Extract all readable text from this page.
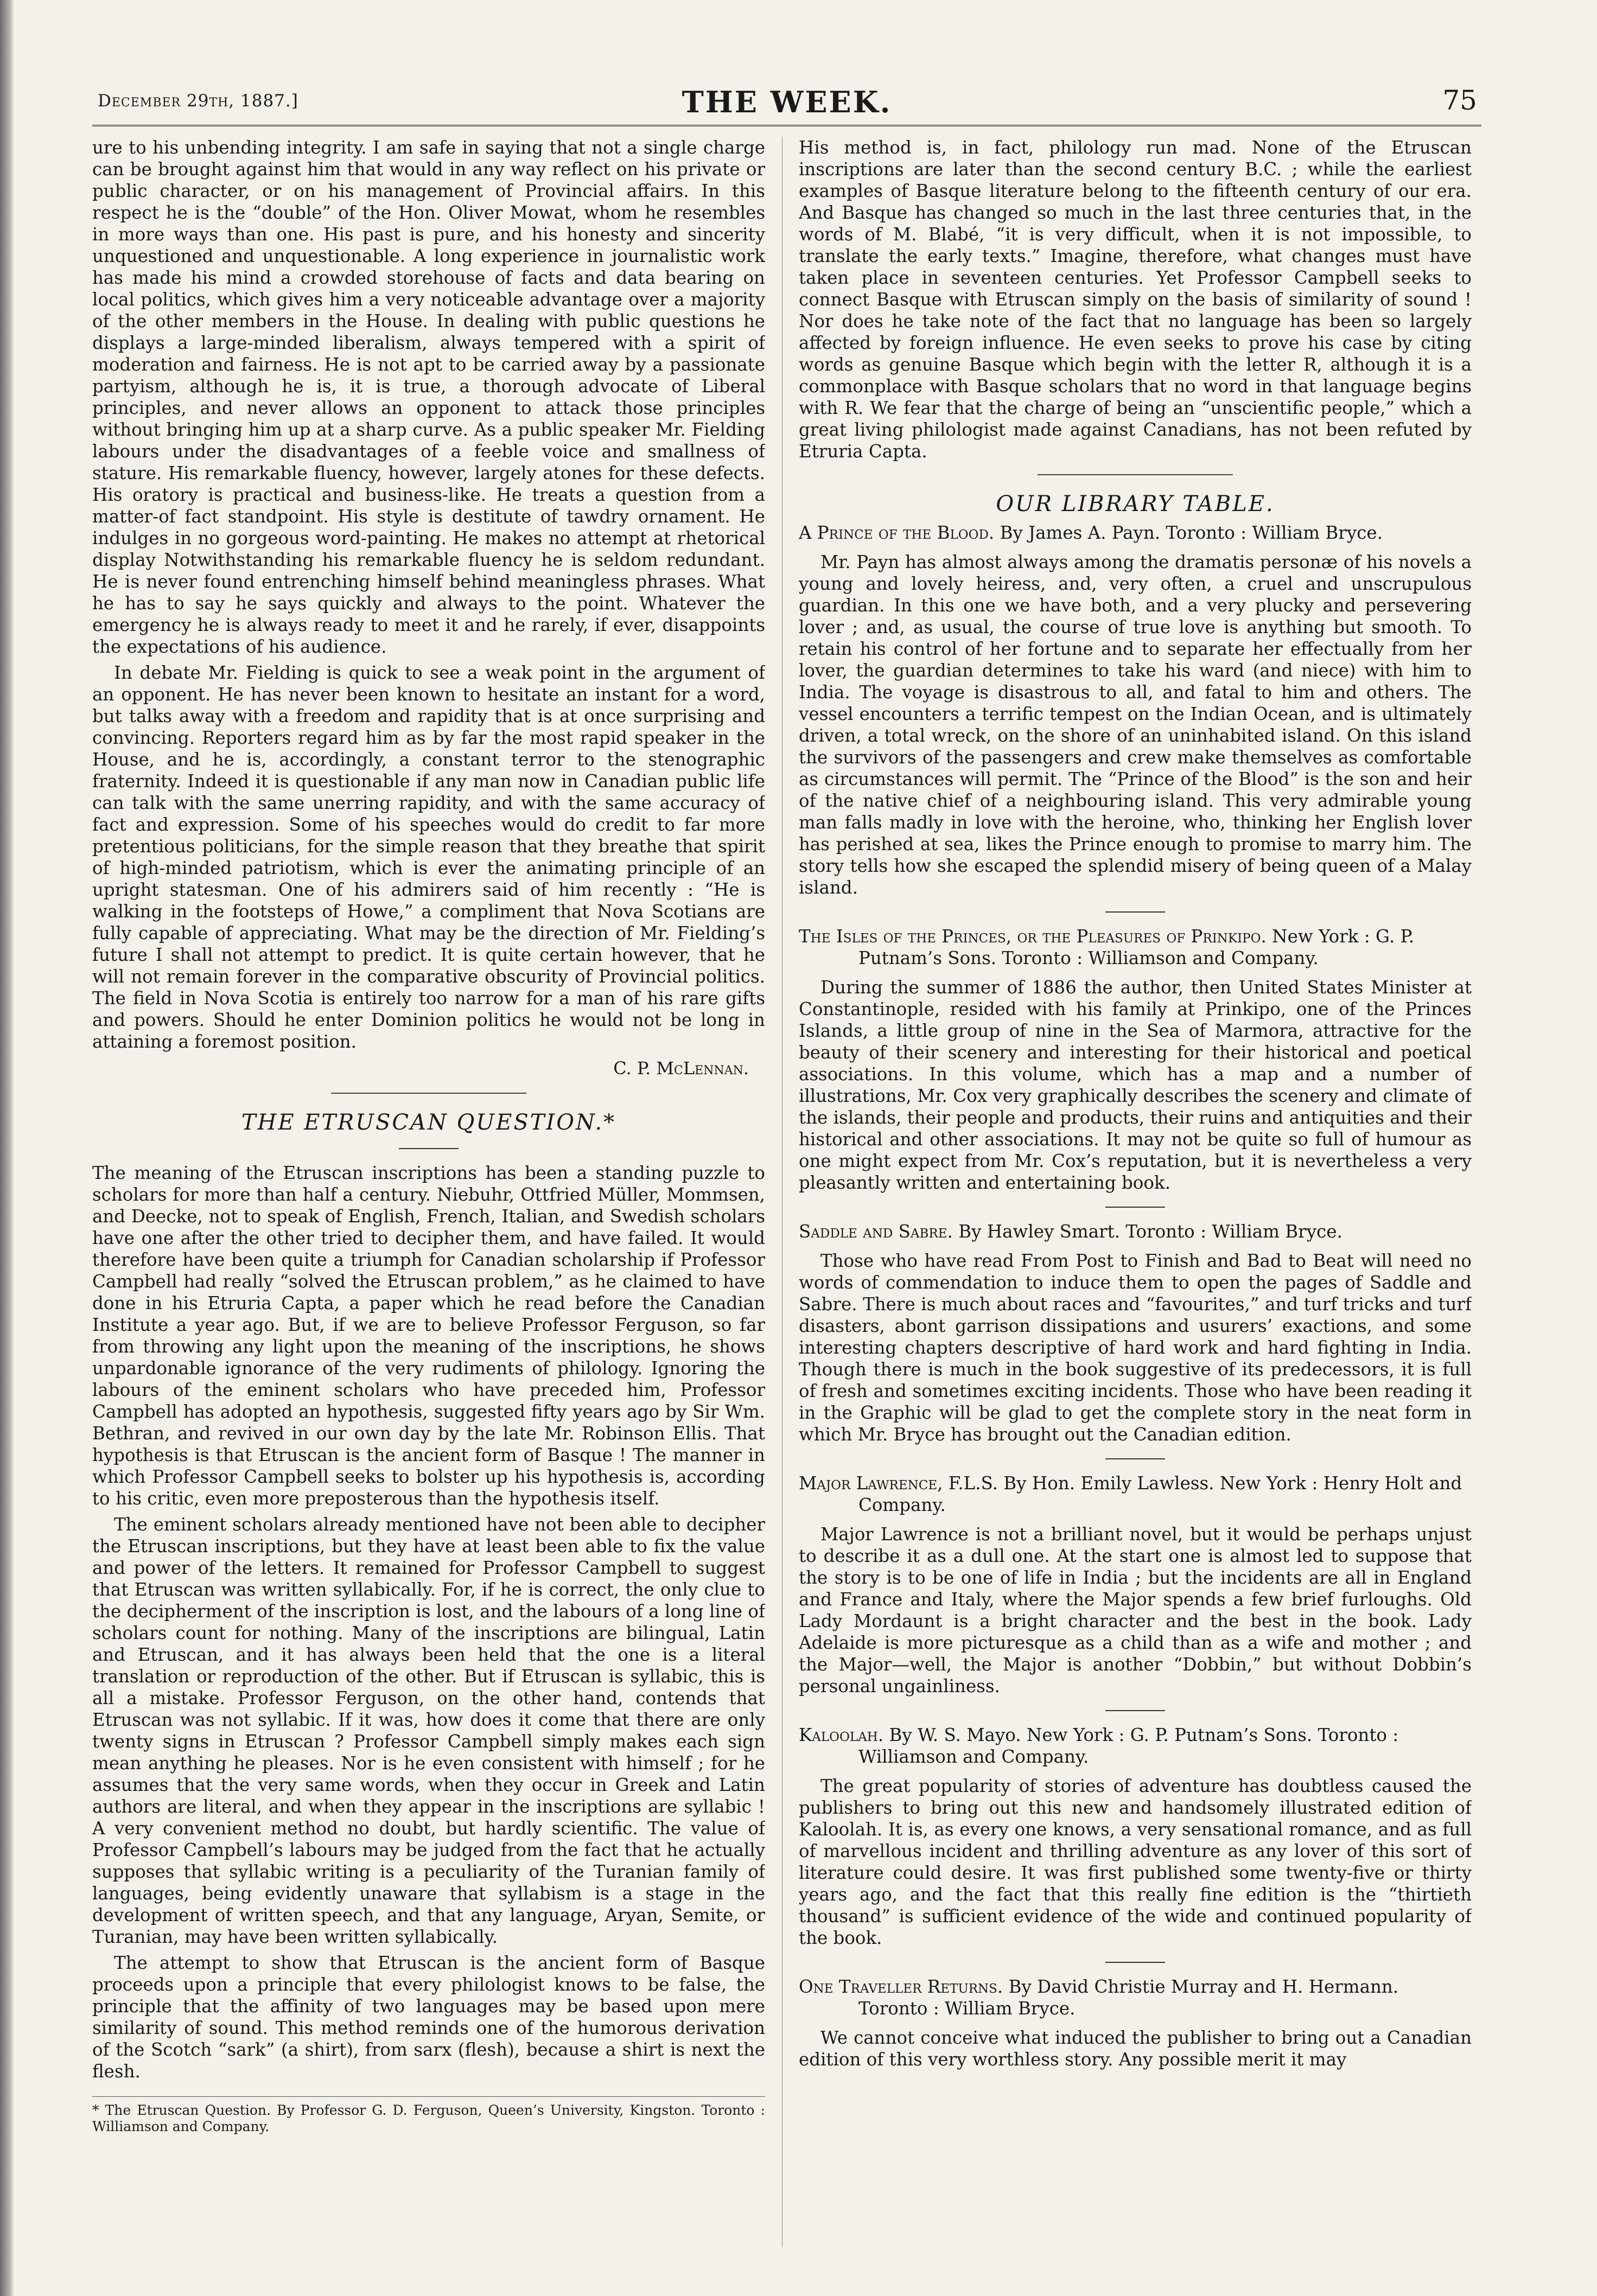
December 29th, 1887.]	THE WEEK.	75

ure to his unbending integrity. I am safe in saying that not a single charge can be brought against him that would in any way reflect on his private or public character, or on his management of Provincial affairs. In this respect he is the “double” of the Hon. Oliver Mowat, whom he resembles in more ways than one. His past is pure, and his honesty and sincerity unquestioned and unquestionable. A long experience in journalistic work has made his mind a crowded storehouse of facts and data bearing on local politics, which gives him a very noticeable advantage over a majority of the other members in the House. In dealing with public questions he displays a large-minded liberalism, always tempered with a spirit of moderation and fairness. He is not apt to be carried away by a passionate partyism, although he is, it is true, a thorough advocate of Liberal principles, and never allows an opponent to attack those principles without bringing him up at a sharp curve. As a public speaker Mr. Fielding labours under the disadvantages of a feeble voice and smallness of stature. His remarkable fluency, however, largely atones for these defects. His oratory is practical and business-like. He treats a question from a matter-of fact standpoint. His style is destitute of tawdry ornament. He indulges in no gorgeous word-painting. He makes no attempt at rhetorical display Notwithstanding his remarkable fluency he is seldom redundant. He is never found entrenching himself behind meaningless phrases. What he has to say he says quickly and always to the point. Whatever the emergency he is always ready to meet it and he rarely, if ever, disappoints the expectations of his audience.

In debate Mr. Fielding is quick to see a weak point in the argument of an opponent. He has never been known to hesitate an instant for a word, but talks away with a freedom and rapidity that is at once surprising and convincing. Reporters regard him as by far the most rapid speaker in the House, and he is, accordingly, a constant terror to the stenographic fraternity. Indeed it is questionable if any man now in Canadian public life can talk with the same unerring rapidity, and with the same accuracy of fact and expression. Some of his speeches would do credit to far more pretentious politicians, for the simple reason that they breathe that spirit of high-minded patriotism, which is ever the animating principle of an upright statesman. One of his admirers said of him recently : “He is walking in the footsteps of Howe,” a compliment that Nova Scotians are fully capable of appreciating. What may be the direction of Mr. Fielding’s future I shall not attempt to predict. It is quite certain however, that he will not remain forever in the comparative obscurity of Provincial politics. The field in Nova Scotia is entirely too narrow for a man of his rare gifts and powers. Should he enter Dominion politics he would not be long in attaining a foremost position.

C. P. McLennan.
THE ETRUSCAN QUESTION.*

The meaning of the Etruscan inscriptions has been a standing puzzle to scholars for more than half a century. Niebuhr, Ottfried Müller, Mommsen, and Deecke, not to speak of English, French, Italian, and Swedish scholars have one after the other tried to decipher them, and have failed. It would therefore have been quite a triumph for Canadian scholarship if Professor Campbell had really “solved the Etruscan problem,” as he claimed to have done in his Etruria Capta, a paper which he read before the Canadian Institute a year ago. But, if we are to believe Professor Ferguson, so far from throwing any light upon the meaning of the inscriptions, he shows unpardonable ignorance of the very rudiments of philology. Ignoring the labours of the eminent scholars who have preceded him, Professor Campbell has adopted an hypothesis, suggested fifty years ago by Sir Wm. Bethran, and revived in our own day by the late Mr. Robinson Ellis. That hypothesis is that Etruscan is the ancient form of Basque ! The manner in which Professor Campbell seeks to bolster up his hypothesis is, according to his critic, even more preposterous than the hypothesis itself.

The eminent scholars already mentioned have not been able to decipher the Etruscan inscriptions, but they have at least been able to fix the value and power of the letters. It remained for Professor Campbell to suggest that Etruscan was written syllabically. For, if he is correct, the only clue to the decipherment of the inscription is lost, and the labours of a long line of scholars count for nothing. Many of the inscriptions are bilingual, Latin and Etruscan, and it has always been held that the one is a literal translation or reproduction of the other. But if Etruscan is syllabic, this is all a mistake. Professor Ferguson, on the other hand, contends that Etruscan was not syllabic. If it was, how does it come that there are only twenty signs in Etruscan ? Professor Campbell simply makes each sign mean anything he pleases. Nor is he even consistent with himself ; for he assumes that the very same words, when they occur in Greek and Latin authors are literal, and when they appear in the inscriptions are syllabic ! A very convenient method no doubt, but hardly scientific. The value of Professor Campbell’s labours may be judged from the fact that he actually supposes that syllabic writing is a peculiarity of the Turanian family of languages, being evidently unaware that syllabism is a stage in the development of written speech, and that any language, Aryan, Semite, or Turanian, may have been written syllabically.

The attempt to show that Etruscan is the ancient form of Basque proceeds upon a principle that every philologist knows to be false, the principle that the affinity of two languages may be based upon mere similarity of sound. This method reminds one of the humorous derivation of the Scotch “sark” (a shirt), from sarx (flesh), because a shirt is next the flesh.

* The Etruscan Question. By Professor G. D. Ferguson, Queen’s University, Kingston. Toronto : Williamson and Company.

His method is, in fact, philology run mad. None of the Etruscan inscriptions are later than the second century B.C. ; while the earliest examples of Basque literature belong to the fifteenth century of our era. And Basque has changed so much in the last three centuries that, in the words of M. Blabé, “it is very difficult, when it is not impossible, to translate the early texts.” Imagine, therefore, what changes must have taken place in seventeen centuries. Yet Professor Campbell seeks to connect Basque with Etruscan simply on the basis of similarity of sound ! Nor does he take note of the fact that no language has been so largely affected by foreign influence. He even seeks to prove his case by citing words as genuine Basque which begin with the letter R, although it is a commonplace with Basque scholars that no word in that language begins with R. We fear that the charge of being an “unscientific people,” which a great living philologist made against Canadians, has not been refuted by Etruria Capta.

OUR LIBRARY TABLE.
A Prince of the Blood. By James A. Payn. Toronto : William Bryce.

Mr. Payn has almost always among the dramatis personæ of his novels a young and lovely heiress, and, very often, a cruel and unscrupulous guardian. In this one we have both, and a very plucky and persevering lover ; and, as usual, the course of true love is anything but smooth. To retain his control of her fortune and to separate her effectually from her lover, the guardian determines to take his ward (and niece) with him to India. The voyage is disastrous to all, and fatal to him and others. The vessel encounters a terrific tempest on the Indian Ocean, and is ultimately driven, a total wreck, on the shore of an uninhabited island. On this island the survivors of the passengers and crew make themselves as comfortable as circumstances will permit. The “Prince of the Blood” is the son and heir of the native chief of a neighbouring island. This very admirable young man falls madly in love with the heroine, who, thinking her English lover has perished at sea, likes the Prince enough to promise to marry him. The story tells how she escaped the splendid misery of being queen of a Malay island.

The Isles of the Princes, or the Pleasures of Prinkipo. New York : G. P. Putnam’s Sons. Toronto : Williamson and Company.

During the summer of 1886 the author, then United States Minister at Constantinople, resided with his family at Prinkipo, one of the Princes Islands, a little group of nine in the Sea of Marmora, attractive for the beauty of their scenery and interesting for their historical and poetical associations. In this volume, which has a map and a number of illustrations, Mr. Cox very graphically describes the scenery and climate of the islands, their people and products, their ruins and antiquities and their historical and other associations. It may not be quite so full of humour as one might expect from Mr. Cox’s reputation, but it is nevertheless a very pleasantly written and entertaining book.

Saddle and Sabre. By Hawley Smart. Toronto : William Bryce.

Those who have read From Post to Finish and Bad to Beat will need no words of commendation to induce them to open the pages of Saddle and Sabre. There is much about races and “favourites,” and turf tricks and turf disasters, abont garrison dissipations and usurers’ exactions, and some interesting chapters descriptive of hard work and hard fighting in India. Though there is much in the book suggestive of its predecessors, it is full of fresh and sometimes exciting incidents. Those who have been reading it in the Graphic will be glad to get the complete story in the neat form in which Mr. Bryce has brought out the Canadian edition.

Major Lawrence, F.L.S. By Hon. Emily Lawless. New York : Henry Holt and Company.

Major Lawrence is not a brilliant novel, but it would be perhaps unjust to describe it as a dull one. At the start one is almost led to suppose that the story is to be one of life in India ; but the incidents are all in England and France and Italy, where the Major spends a few brief furloughs. Old Lady Mordaunt is a bright character and the best in the book. Lady Adelaide is more picturesque as a child than as a wife and mother ; and the Major—well, the Major is another “Dobbin,” but without Dobbin’s personal ungainliness.

Kaloolah. By W. S. Mayo. New York : G. P. Putnam’s Sons. Toronto : Williamson and Company.

The great popularity of stories of adventure has doubtless caused the publishers to bring out this new and handsomely illustrated edition of Kaloolah. It is, as every one knows, a very sensational romance, and as full of marvellous incident and thrilling adventure as any lover of this sort of literature could desire. It was first published some twenty-five or thirty years ago, and the fact that this really fine edition is the “thirtieth thousand” is sufficient evidence of the wide and continued popularity of the book.

One Traveller Returns. By David Christie Murray and H. Hermann. Toronto : William Bryce.

We cannot conceive what induced the publisher to bring out a Canadian edition of this very worthless story. Any possible merit it may
